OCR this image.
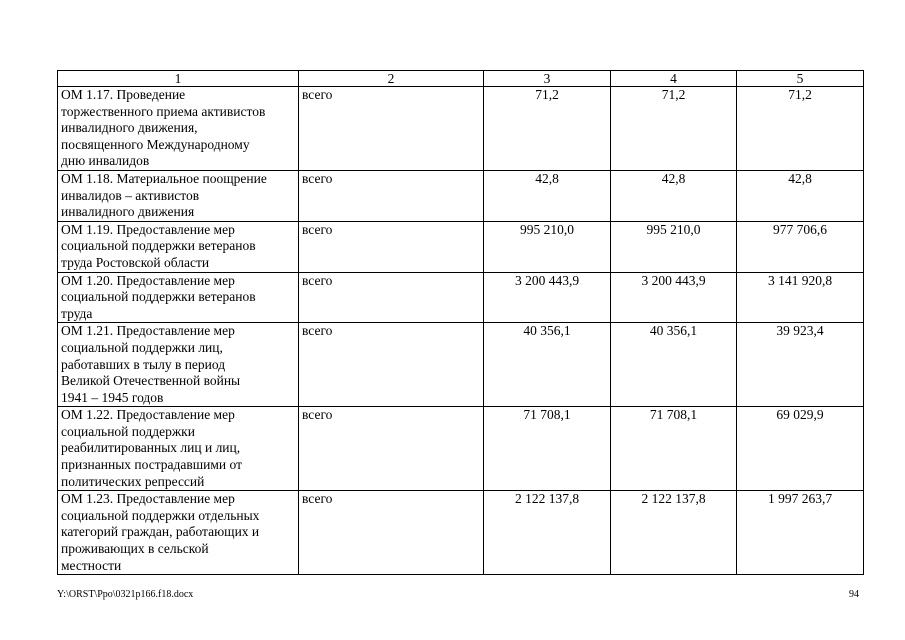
1	2	3	4	5

ОМ 1.17. Проведение
торжественного приема активистов
инвалидного движения,
посвященного Международному
дню инвалидов	всего	71,2	71,2	71,2

ОМ 1.18. Материальное поощрение
инвалидов – активистов
инвалидного движения	всего	42,8	42,8	42,8

ОМ 1.19. Предоставление мер
социальной поддержки ветеранов
труда Ростовской области	всего	995 210,0	995 210,0	977 706,6

ОМ 1.20. Предоставление мер
социальной поддержки ветеранов
труда	всего	3 200 443,9	3 200 443,9	3 141 920,8

ОМ 1.21. Предоставление мер
социальной поддержки лиц,
работавших в тылу в период
Великой Отечественной войны
1941 – 1945 годов	всего	40 356,1	40 356,1	39 923,4

ОМ 1.22. Предоставление мер
социальной поддержки
реабилитированных лиц и лиц,
признанных пострадавшими от
политических репрессий	всего	71 708,1	71 708,1	69 029,9

ОМ 1.23. Предоставление мер
социальной поддержки отдельных
категорий граждан, работающих и
проживающих в сельской
местности	всего	2 122 137,8	2 122 137,8	1 997 263,7
Y:\ORST\Ppo\0321p166.f18.docx	94
